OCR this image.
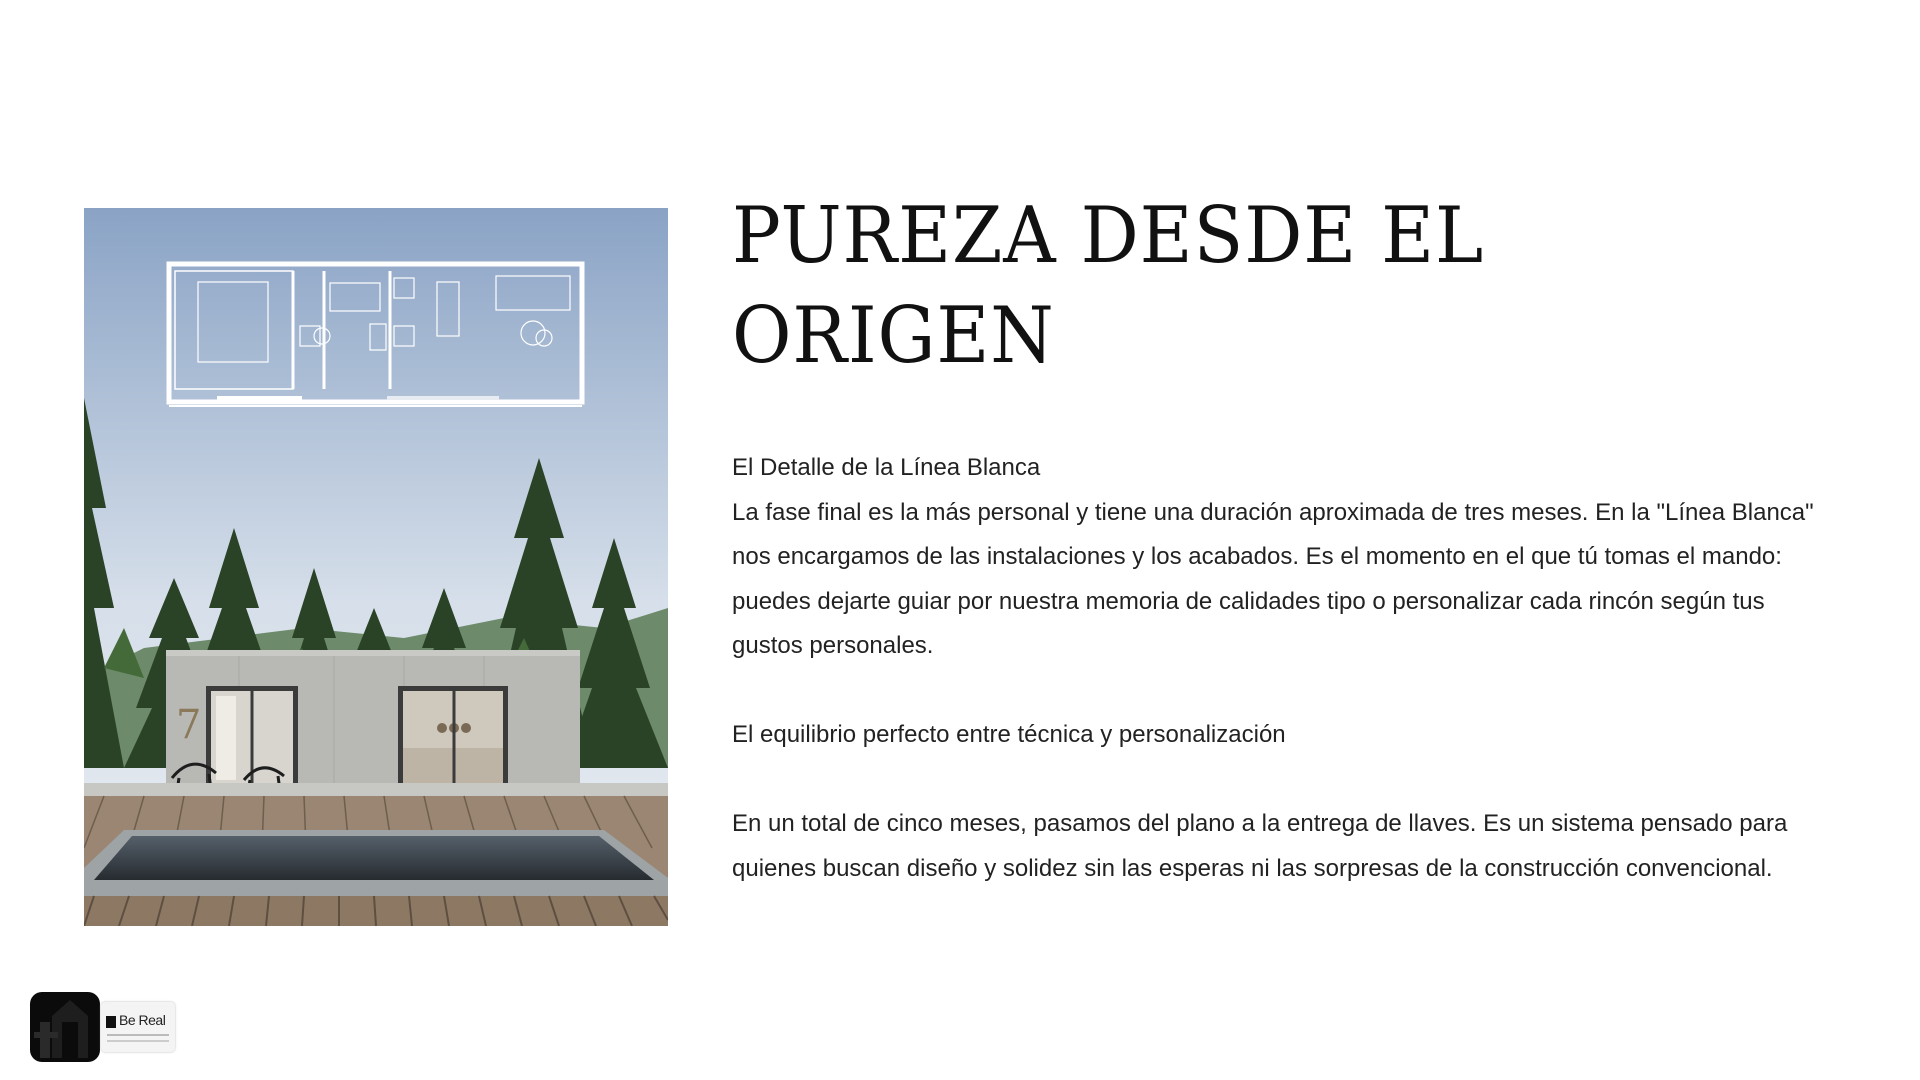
7
PUREZA DESDE EL ORIGEN

El Detalle de la Línea Blanca

La fase final es la más personal y tiene una duración aproximada de tres meses. En la "Línea Blanca" nos encargamos de las instalaciones y los acabados. Es el momento en el que tú tomas el mando: puedes dejarte guiar por nuestra memoria de calidades tipo o personalizar cada rincón según tus gustos personales.

El equilibrio perfecto entre técnica y personalización

En un total de cinco meses, pasamos del plano a la entrega de llaves. Es un sistema pensado para quienes buscan diseño y solidez sin las esperas ni las sorpresas de la construcción convencional.

Be Real
